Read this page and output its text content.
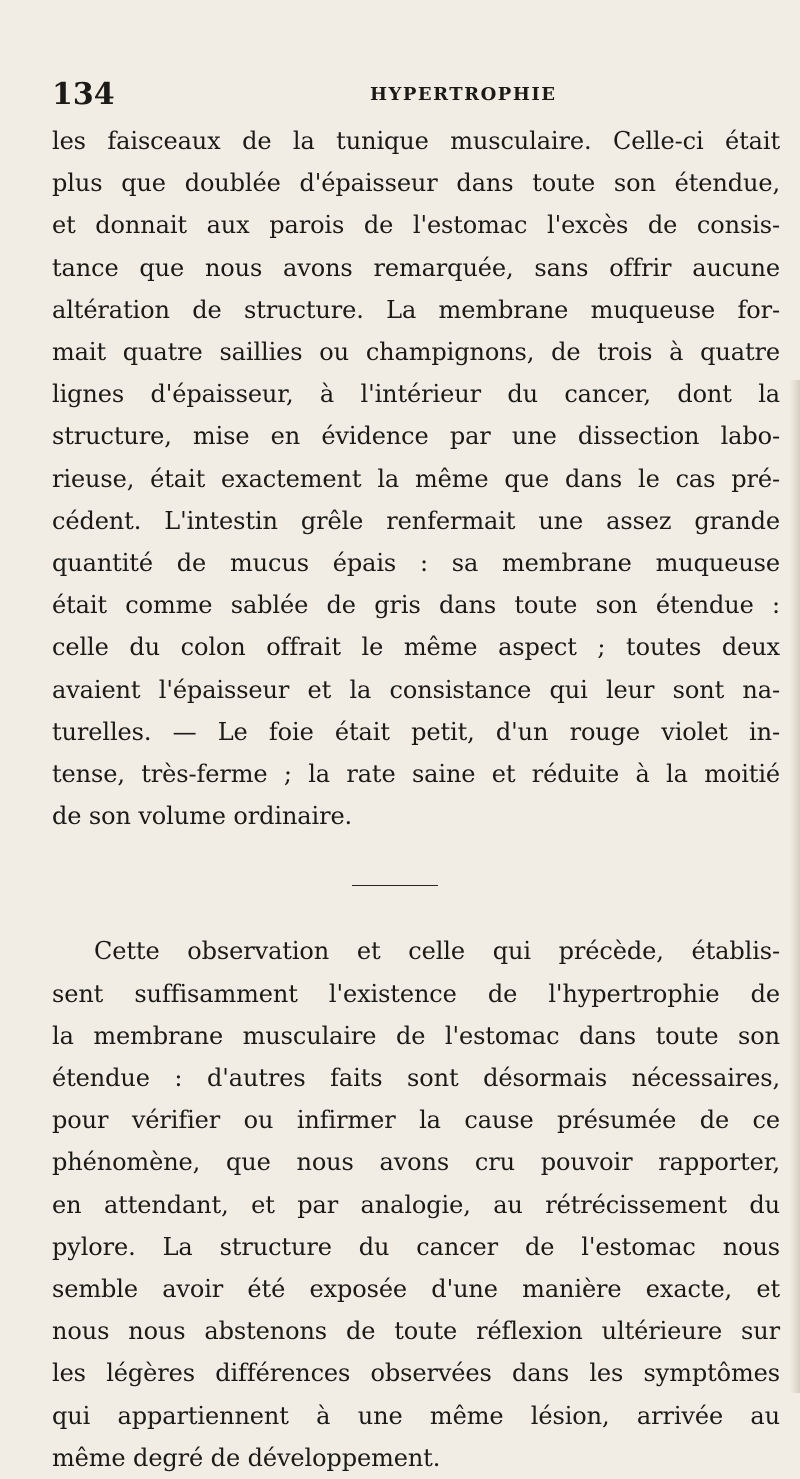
134	HYPERTROPHIE
les faisceaux de la tunique musculaire. Celle-ci était
plus que doublée d'épaisseur dans toute son étendue,
et donnait aux parois de l'estomac l'excès de consis-
tance que nous avons remarquée, sans offrir aucune
altération de structure. La membrane muqueuse for-
mait quatre saillies ou champignons, de trois à quatre
lignes d'épaisseur, à l'intérieur du cancer, dont la
structure, mise en évidence par une dissection labo-
rieuse, était exactement la même que dans le cas pré-
cédent. L'intestin grêle renfermait une assez grande
quantité de mucus épais : sa membrane muqueuse
était comme sablée de gris dans toute son étendue :
celle du colon offrait le même aspect ; toutes deux
avaient l'épaisseur et la consistance qui leur sont na-
turelles. — Le foie était petit, d'un rouge violet in-
tense, très-ferme ; la rate saine et réduite à la moitié
de son volume ordinaire.
Cette observation et celle qui précède, établis-
sent suffisamment l'existence de l'hypertrophie de
la membrane musculaire de l'estomac dans toute son
étendue : d'autres faits sont désormais nécessaires,
pour vérifier ou infirmer la cause présumée de ce
phénomène, que nous avons cru pouvoir rapporter,
en attendant, et par analogie, au rétrécissement du
pylore. La structure du cancer de l'estomac nous
semble avoir été exposée d'une manière exacte, et
nous nous abstenons de toute réflexion ultérieure sur
les légères différences observées dans les symptômes
qui appartiennent à une même lésion, arrivée au
même degré de développement.
